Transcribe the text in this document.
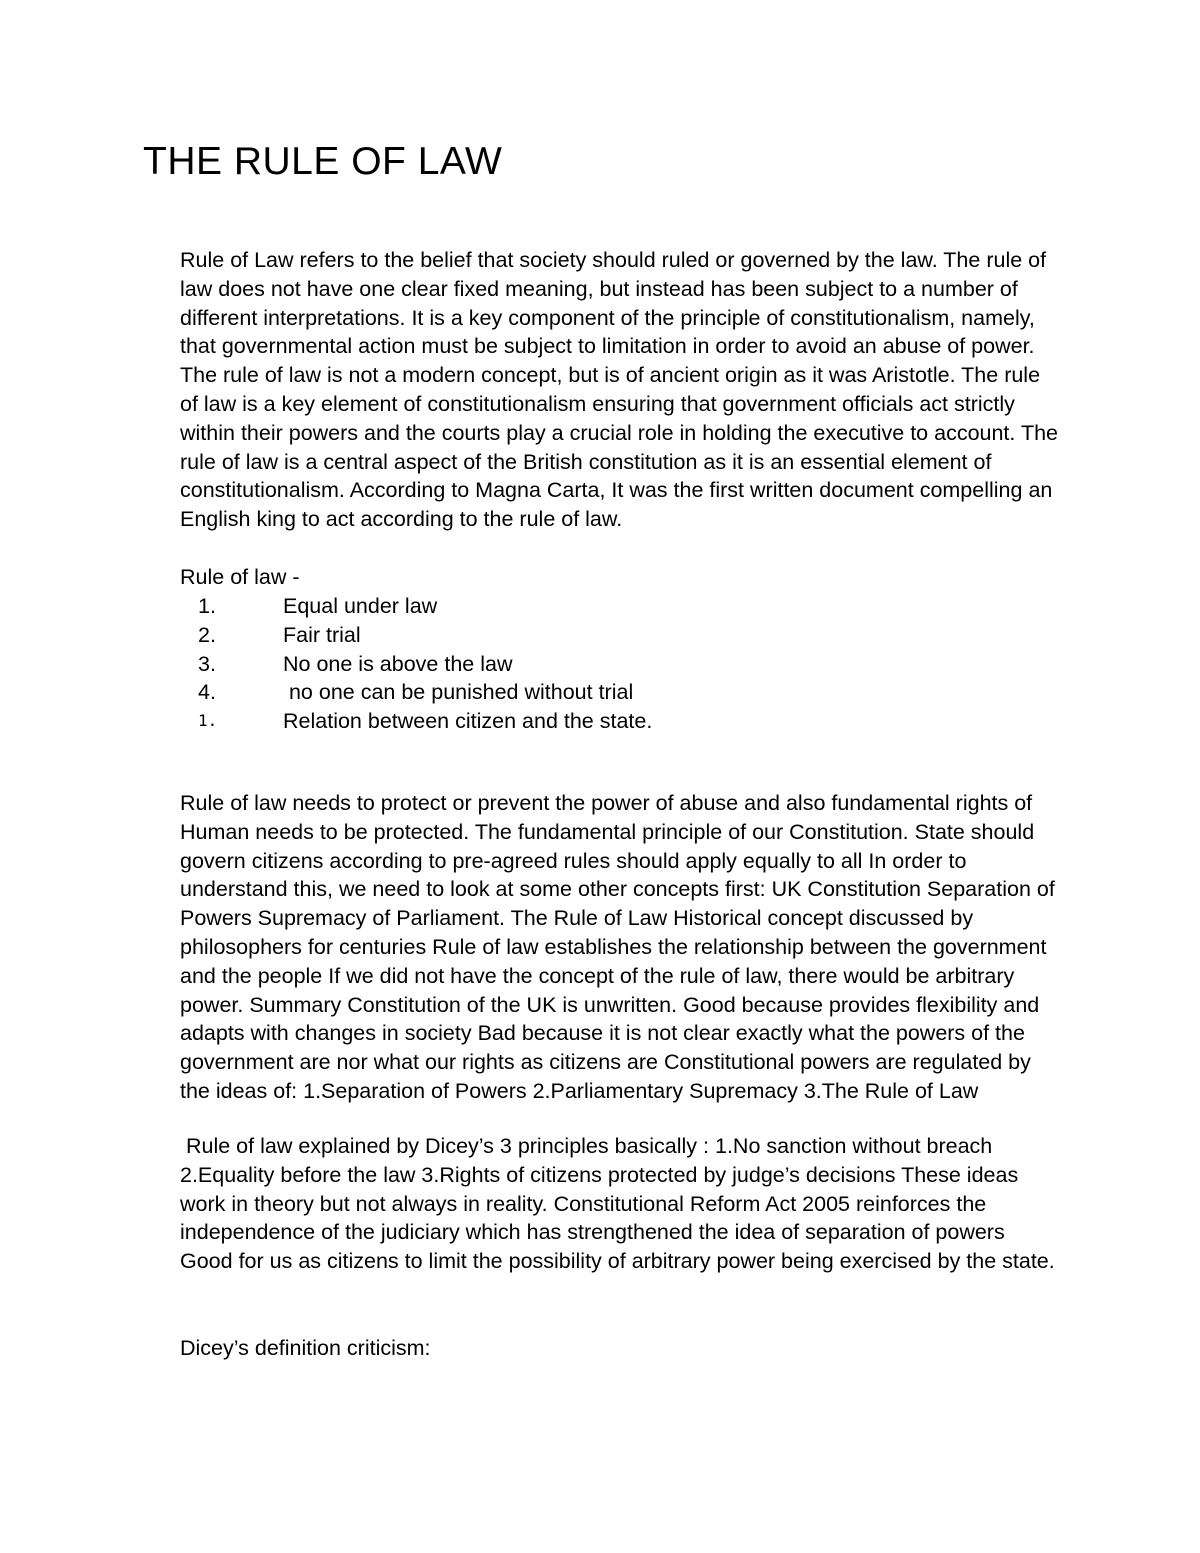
THE RULE OF LAW

Rule of Law refers to the belief that society should ruled or governed by the law. The rule of law does not have one clear fixed meaning, but instead has been subject to a number of different interpretations. It is a key component of the principle of constitutionalism, namely, that governmental action must be subject to limitation in order to avoid an abuse of power. The rule of law is not a modern concept, but is of ancient origin as it was Aristotle. The rule of law is a key element of constitutionalism ensuring that government officials act strictly within their powers and the courts play a crucial role in holding the executive to account. The rule of law is a central aspect of the British constitution as it is an essential element of constitutionalism. According to Magna Carta, It was the first written document compelling an English king to act according to the rule of law.

Rule of law -

1.	Equal under law
2.	Fair trial
3.	No one is above the law
4.	no one can be punished without trial
1.	Relation between citizen and the state.

Rule of law needs to protect or prevent the power of abuse and also fundamental rights of Human needs to be protected. The fundamental principle of our Constitution. State should govern citizens according to pre-agreed rules should apply equally to all In order to understand this, we need to look at some other concepts first: UK Constitution Separation of Powers Supremacy of Parliament. The Rule of Law Historical concept discussed by philosophers for centuries Rule of law establishes the relationship between the government and the people If we did not have the concept of the rule of law, there would be arbitrary power. Summary Constitution of the UK is unwritten. Good because provides flexibility and adapts with changes in society Bad because it is not clear exactly what the powers of the government are nor what our rights as citizens are Constitutional powers are regulated by the ideas of: 1.Separation of Powers 2.Parliamentary Supremacy 3.The Rule of Law

Rule of law explained by Dicey’s 3 principles basically : 1.No sanction without breach 2.Equality before the law 3.Rights of citizens protected by judge’s decisions These ideas work in theory but not always in reality. Constitutional Reform Act 2005 reinforces the independence of the judiciary which has strengthened the idea of separation of powers Good for us as citizens to limit the possibility of arbitrary power being exercised by the state.

Dicey’s definition criticism:
